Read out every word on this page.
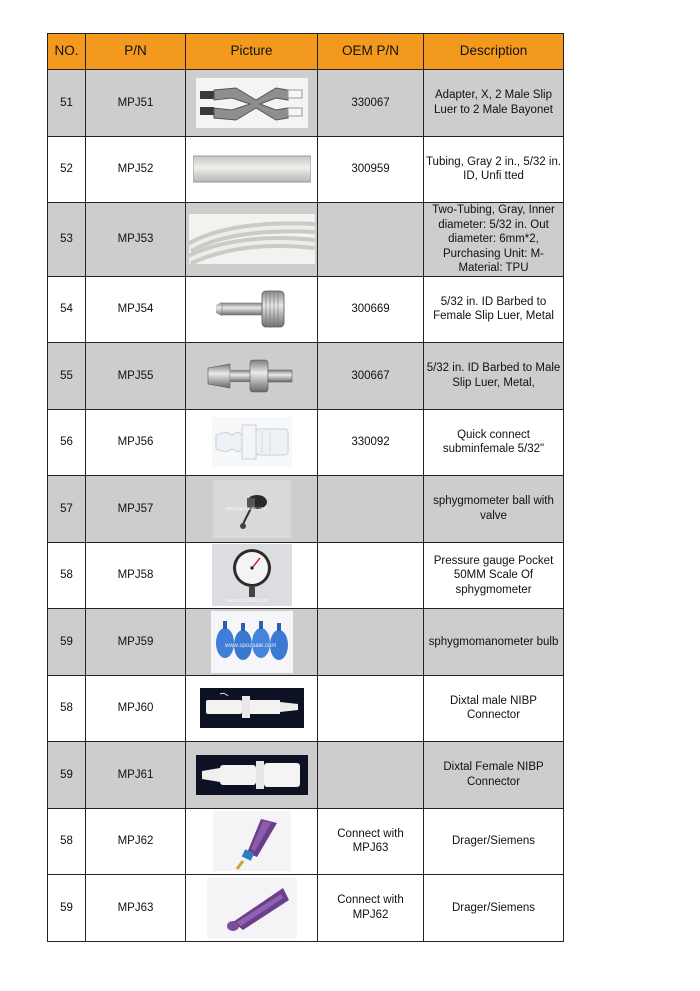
NO.	P/N	Picture	OEM P/N	Description
51	MPJ51		330067	Adapter, X, 2 Male Slip Luer to 2 Male Bayonet
52	MPJ52		300959	Tubing, Gray 2 in., 5/32 in. ID, Unfi tted
53	MPJ53			Two-Tubing, Gray, Inner diameter: 5/32 in. Out diameter: 6mm*2, Purchasing Unit: M- Material: TPU
54	MPJ54		300669	5/32 in. ID Barbed to Female Slip Luer, Metal
55	MPJ55		300667	5/32 in. ID Barbed to Male Slip Luer, Metal,
56	MPJ56		330092	Quick connect subminfemale 5/32"
57	MPJ57	www.spo2sale.com		sphygmometer ball with valve
58	MPJ58	www.spo2sale.com		Pressure gauge Pocket 50MM Scale Of sphygmometer
59	MPJ59	www.spo2sale.com		sphygmomanometer bulb
58	MPJ60			Dixtal male NIBP Connector
59	MPJ61			Dixtal Female NIBP Connector
58	MPJ62		Connect with MPJ63	Drager/Siemens
59	MPJ63		Connect with MPJ62	Drager/Siemens
